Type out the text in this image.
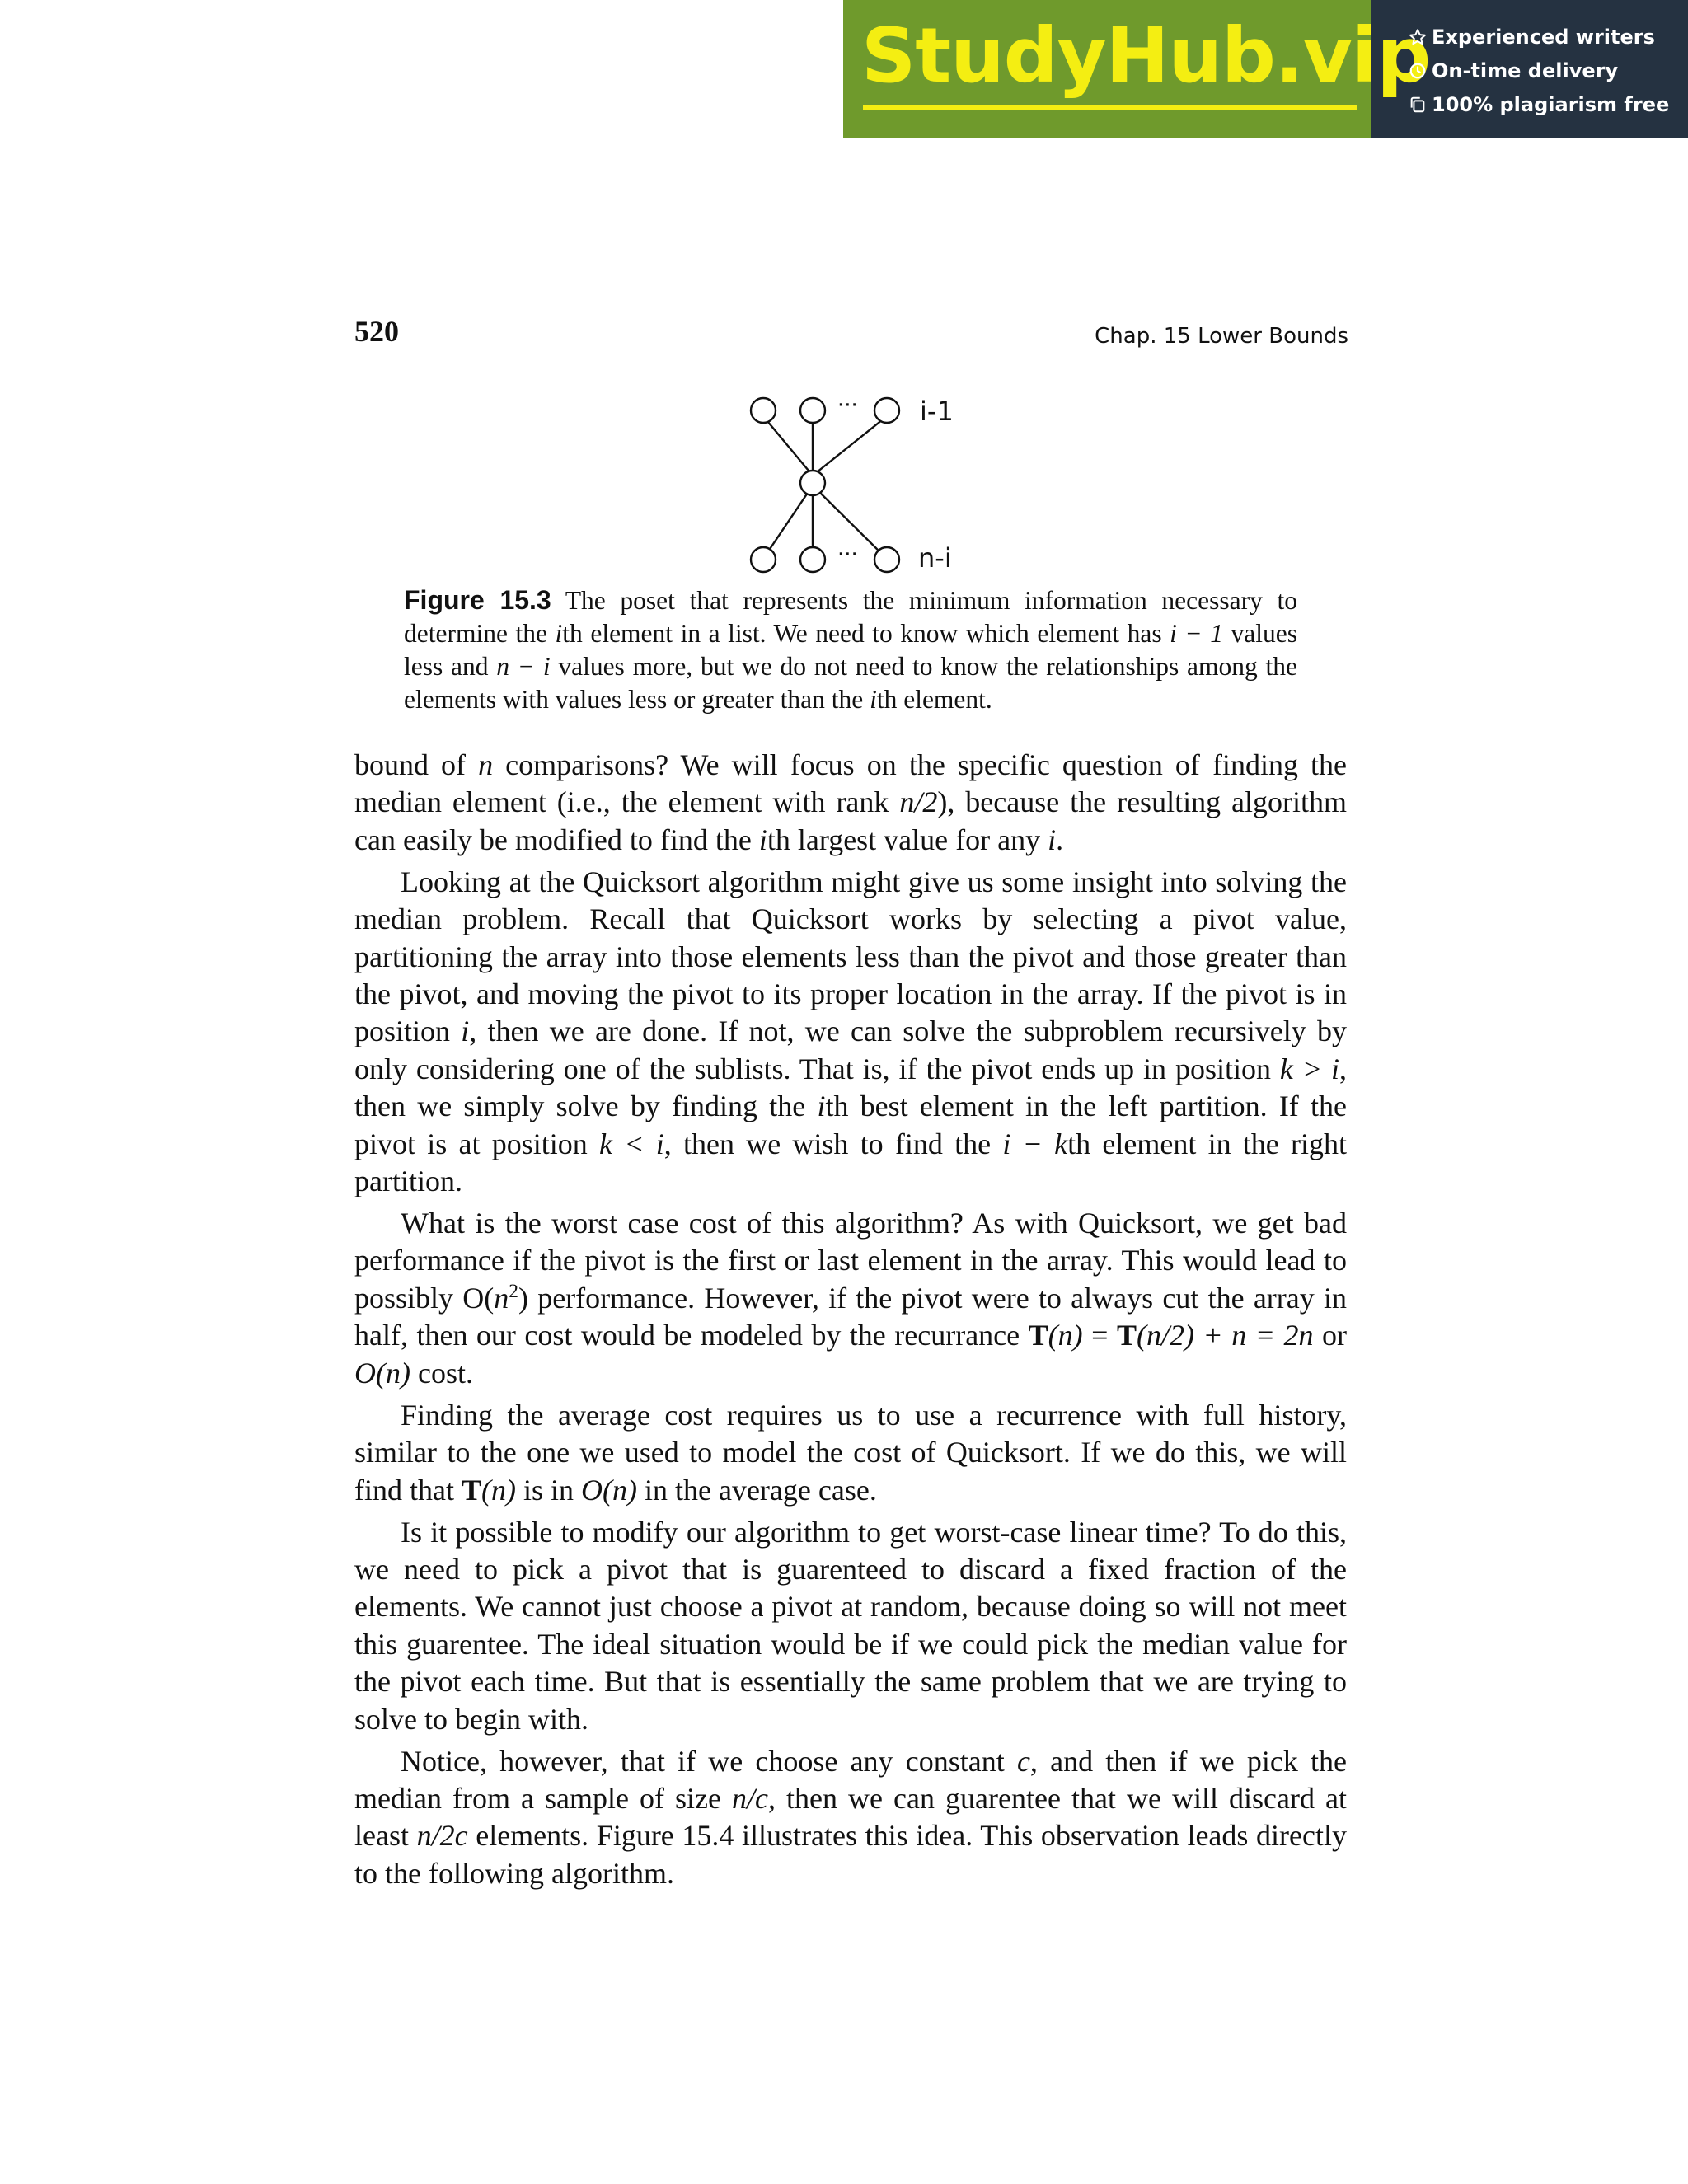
StudyHub.vip Experienced writers
On-time delivery
100% plagiarism free
520	Chap. 15 Lower Bounds
··· i-1
··· n-i
Figure 15.3 The poset that represents the minimum information necessary to determine the ith element in a list. We need to know which element has i − 1 values less and n − i values more, but we do not need to know the relationships among the elements with values less or greater than the ith element.

bound of n comparisons? We will focus on the specific question of finding the median element (i.e., the element with rank n/2), because the resulting algorithm can easily be modified to find the ith largest value for any i.

Looking at the Quicksort algorithm might give us some insight into solving the median problem. Recall that Quicksort works by selecting a pivot value, partitioning the array into those elements less than the pivot and those greater than the pivot, and moving the pivot to its proper location in the array. If the pivot is in position i, then we are done. If not, we can solve the subproblem recursively by only considering one of the sublists. That is, if the pivot ends up in position k > i, then we simply solve by finding the ith best element in the left partition. If the pivot is at position k < i, then we wish to find the i − kth element in the right partition.

What is the worst case cost of this algorithm? As with Quicksort, we get bad performance if the pivot is the first or last element in the array. This would lead to possibly $O(n^2)$ performance. However, if the pivot were to always cut the array in half, then our cost would be modeled by the recurrance T(n) = T(n/2) + n = 2n or O(n) cost.

Finding the average cost requires us to use a recurrence with full history, similar to the one we used to model the cost of Quicksort. If we do this, we will find that T(n) is in O(n) in the average case.

Is it possible to modify our algorithm to get worst-case linear time? To do this, we need to pick a pivot that is guarenteed to discard a fixed fraction of the elements. We cannot just choose a pivot at random, because doing so will not meet this guarentee. The ideal situation would be if we could pick the median value for the pivot each time. But that is essentially the same problem that we are trying to solve to begin with.

Notice, however, that if we choose any constant c, and then if we pick the median from a sample of size n/c, then we can guarentee that we will discard at least n/2c elements. Figure 15.4 illustrates this idea. This observation leads directly to the following algorithm.
